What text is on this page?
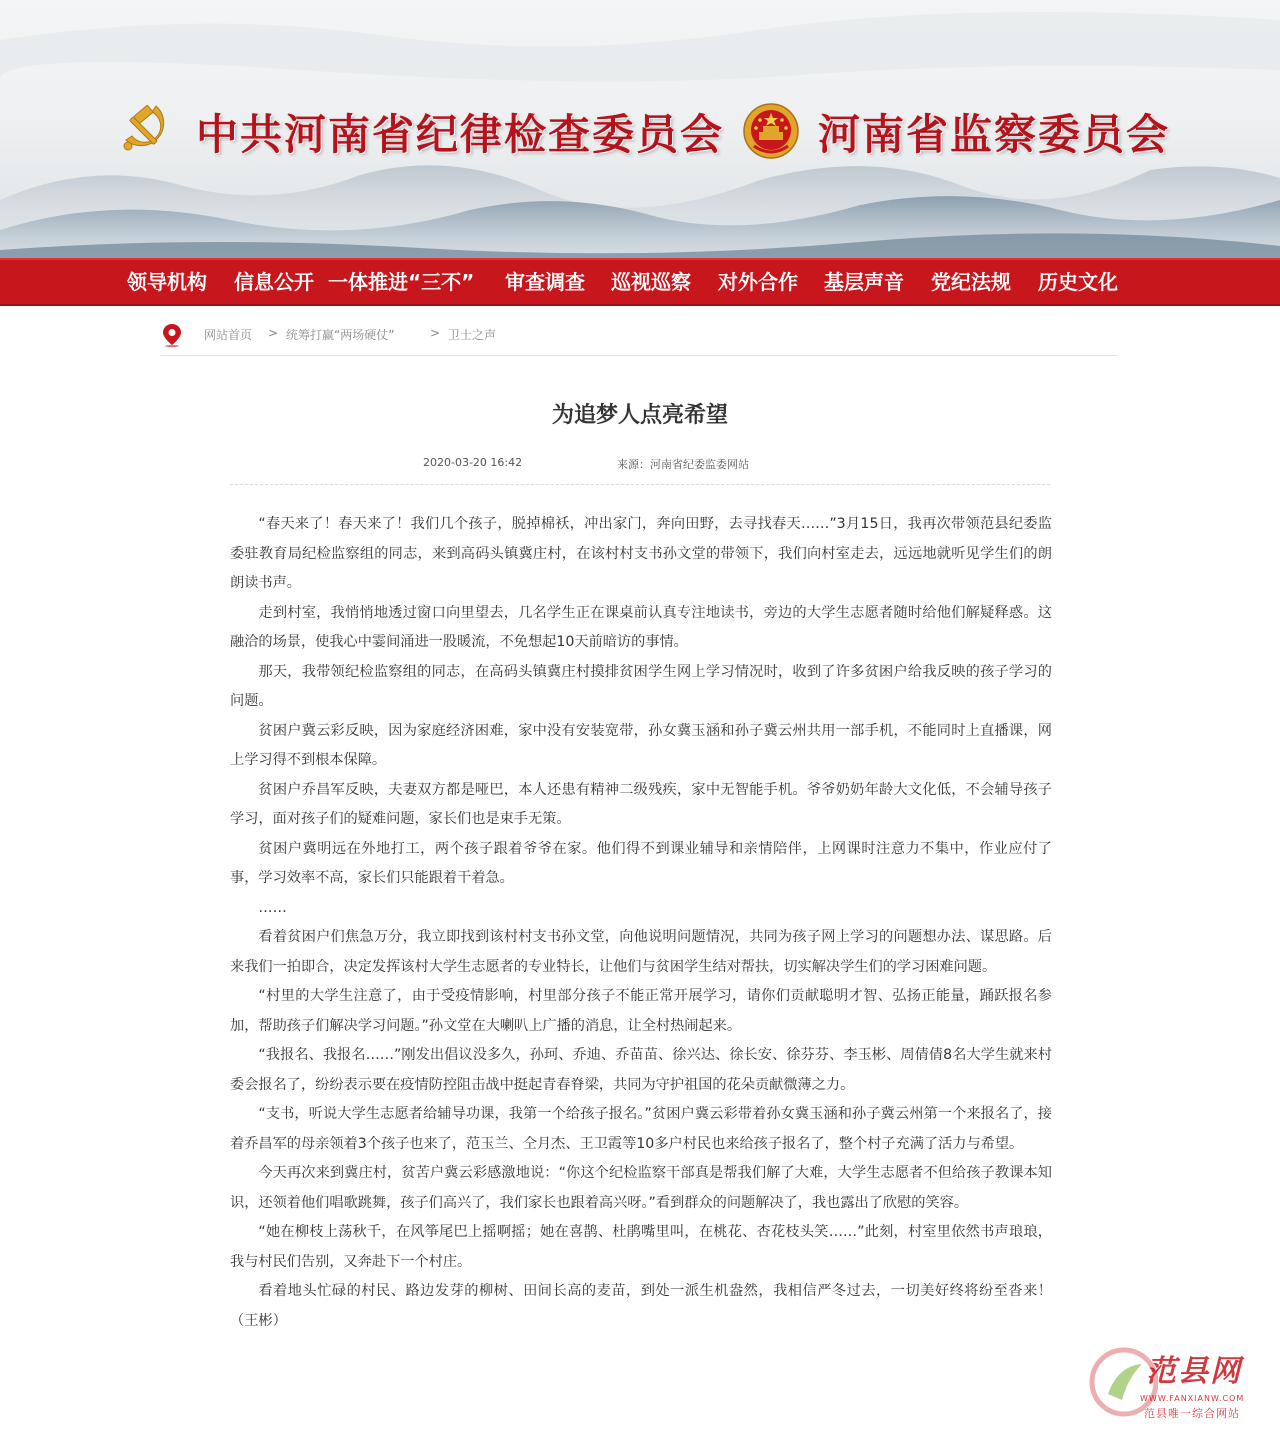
中共河南省纪律检查委员会 河南省监察委员会
领导机构 信息公开 一体推进“三不” 审查调查 巡视巡察 对外合作 基层声音 党纪法规 历史文化
网站首页 > 统筹打赢“两场硬仗”	> 卫士之声
为追梦人点亮希望
2020-03-20 16:42	来源：河南省纪委监委网站

“春天来了！春天来了！我们几个孩子，脱掉棉袄，冲出家门，奔向田野，去寻找春天……”3月15日，我再次带领范县纪委监委驻教育局纪检监察组的同志，来到高码头镇冀庄村，在该村村支书孙文堂的带领下，我们向村室走去，远远地就听见学生们的朗朗读书声。

走到村室，我悄悄地透过窗口向里望去，几名学生正在课桌前认真专注地读书，旁边的大学生志愿者随时给他们解疑释惑。这融洽的场景，使我心中霎间涌进一股暖流，不免想起10天前暗访的事情。

那天，我带领纪检监察组的同志，在高码头镇冀庄村摸排贫困学生网上学习情况时，收到了许多贫困户给我反映的孩子学习的问题。

贫困户冀云彩反映，因为家庭经济困难，家中没有安装宽带，孙女冀玉涵和孙子冀云州共用一部手机，不能同时上直播课，网上学习得不到根本保障。

贫困户乔昌军反映，夫妻双方都是哑巴，本人还患有精神二级残疾，家中无智能手机。爷爷奶奶年龄大文化低，不会辅导孩子学习，面对孩子们的疑难问题，家长们也是束手无策。

贫困户冀明远在外地打工，两个孩子跟着爷爷在家。他们得不到课业辅导和亲情陪伴，上网课时注意力不集中，作业应付了事，学习效率不高，家长们只能跟着干着急。

……

看着贫困户们焦急万分，我立即找到该村村支书孙文堂，向他说明问题情况，共同为孩子网上学习的问题想办法、谋思路。后来我们一拍即合，决定发挥该村大学生志愿者的专业特长，让他们与贫困学生结对帮扶，切实解决学生们的学习困难问题。

“村里的大学生注意了，由于受疫情影响，村里部分孩子不能正常开展学习，请你们贡献聪明才智、弘扬正能量，踊跃报名参加，帮助孩子们解决学习问题。”孙文堂在大喇叭上广播的消息，让全村热闹起来。

“我报名、我报名……”刚发出倡议没多久，孙珂、乔迪、乔苗苗、徐兴达、徐长安、徐芬芬、李玉彬、周倩倩8名大学生就来村委会报名了，纷纷表示要在疫情防控阻击战中挺起青春脊梁，共同为守护祖国的花朵贡献微薄之力。

“支书，听说大学生志愿者给辅导功课，我第一个给孩子报名。”贫困户冀云彩带着孙女冀玉涵和孙子冀云州第一个来报名了，接着乔昌军的母亲领着3个孩子也来了，范玉兰、仝月杰、王卫霞等10多户村民也来给孩子报名了，整个村子充满了活力与希望。

今天再次来到冀庄村，贫苦户冀云彩感激地说：“你这个纪检监察干部真是帮我们解了大难，大学生志愿者不但给孩子教课本知识，还领着他们唱歌跳舞，孩子们高兴了，我们家长也跟着高兴呀。”看到群众的问题解决了，我也露出了欣慰的笑容。

“她在柳枝上荡秋千，在风筝尾巴上摇啊摇；她在喜鹊、杜鹃嘴里叫，在桃花、杏花枝头笑……”此刻，村室里依然书声琅琅，我与村民们告别，又奔赴下一个村庄。

看着地头忙碌的村民、路边发芽的柳树、田间长高的麦苗，到处一派生机盎然，我相信严冬过去，一切美好终将纷至沓来！（王彬）

范县网
WWW.FANXIANW.COM
范县唯一综合网站
